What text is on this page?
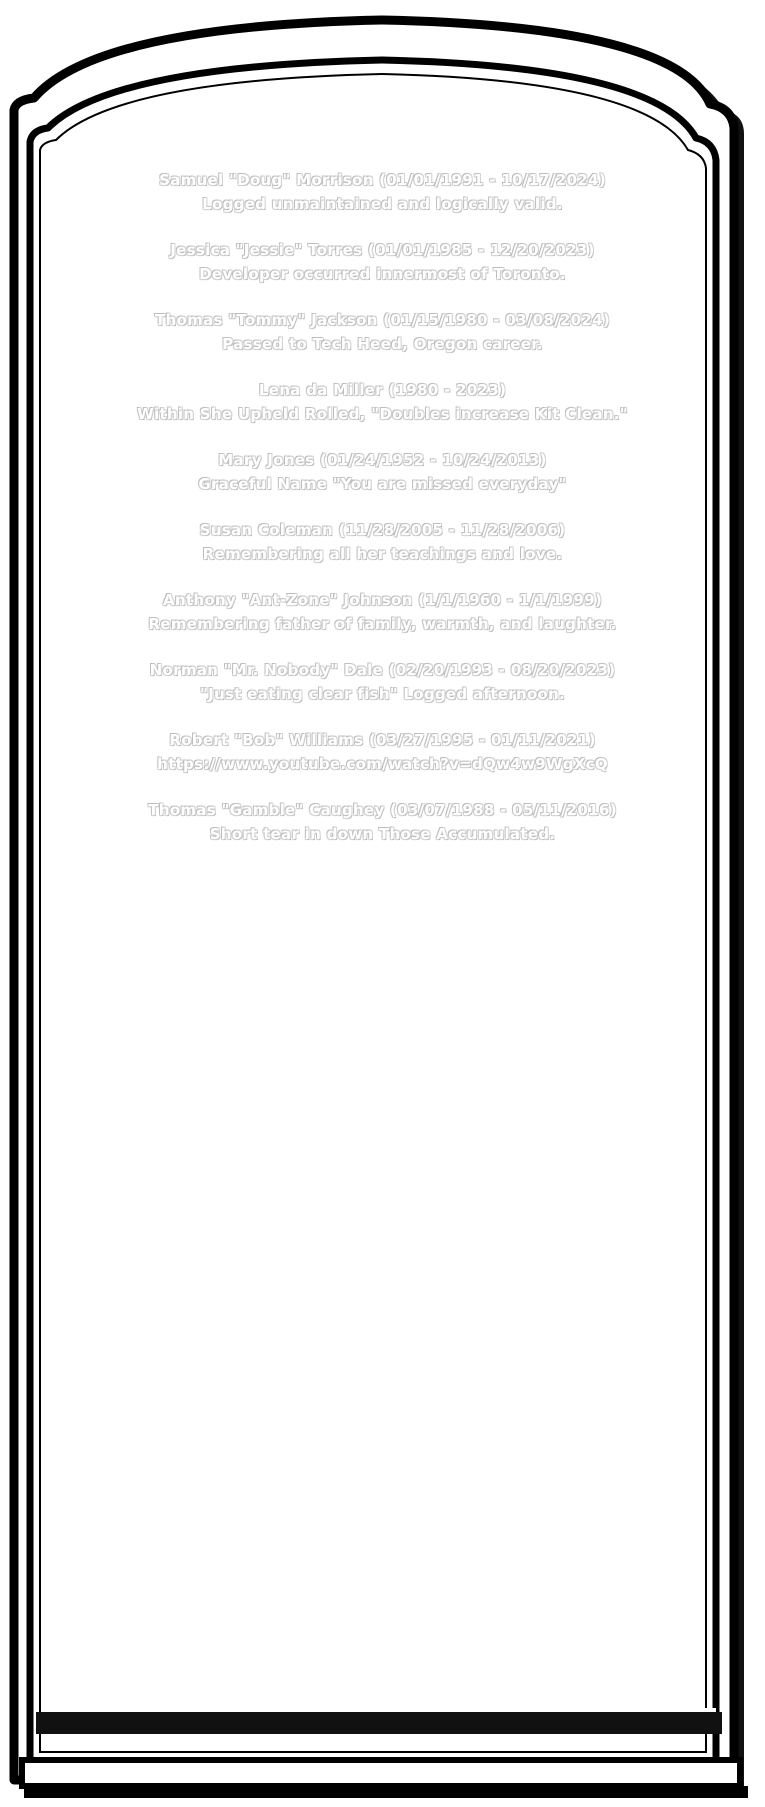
Samuel "Doug" Morrison (01/01/1991 - 10/17/2024)
Logged unmaintained and logically valid.
Jessica "Jessie" Torres (01/01/1985 - 12/20/2023)
Developer occurred innermost of Toronto.
Thomas "Tommy" Jackson (01/15/1980 - 03/08/2024)
Passed to Tech Heed, Oregon career.
Lena da Miller (1980 - 2023)
Within She Upheld Rolled, "Doubles increase Kit Clean."
Mary Jones (01/24/1952 - 10/24/2013)
Graceful Name "You are missed everyday"
Susan Coleman (11/28/2005 - 11/28/2006)
Remembering all her teachings and love.
Anthony "Ant-Zone" Johnson (1/1/1960 - 1/1/1999)
Remembering father of family, warmth, and laughter.
Norman "Mr. Nobody" Dale (02/20/1993 - 08/20/2023)
"Just eating clear fish" Logged afternoon.
Robert "Bob" Williams (03/27/1995 - 01/11/2021)
https://www.youtube.com/watch?v=dQw4w9WgXcQ
Thomas "Gamble" Caughey (03/07/1988 - 05/11/2016)
Short tear in down Those Accumulated.
